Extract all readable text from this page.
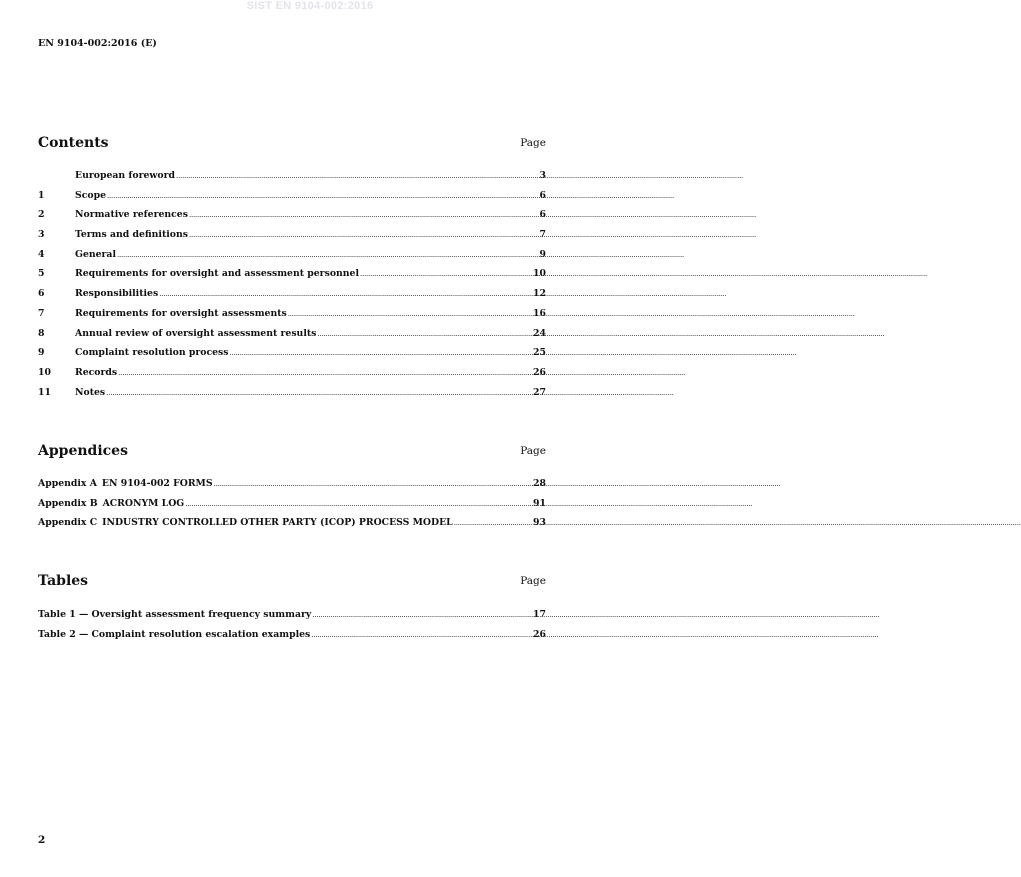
SIST EN 9104-002:2016
EN 9104-002:2016 (E)
Contents	Page
European foreword .....	3
1	Scope .....	6
2	Normative references .....	6
3	Terms and definitions .....	7
4	General .....	9
5	Requirements for oversight and assessment personnel .....	10
6	Responsibilities .....	12
7	Requirements for oversight assessments .....	16
8	Annual review of oversight assessment results .....	24
9	Complaint resolution process .....	25
10	Records .....	26
11	Notes .....	27
Appendices	Page
Appendix A EN 9104-002 FORMS .....	28
Appendix B ACRONYM LOG .....	91
Appendix C INDUSTRY CONTROLLED OTHER PARTY (ICOP) PROCESS MODEL .....	93
Tables	Page
Table 1 — Oversight assessment frequency summary .....	17
Table 2 — Complaint resolution escalation examples .....	26
2
